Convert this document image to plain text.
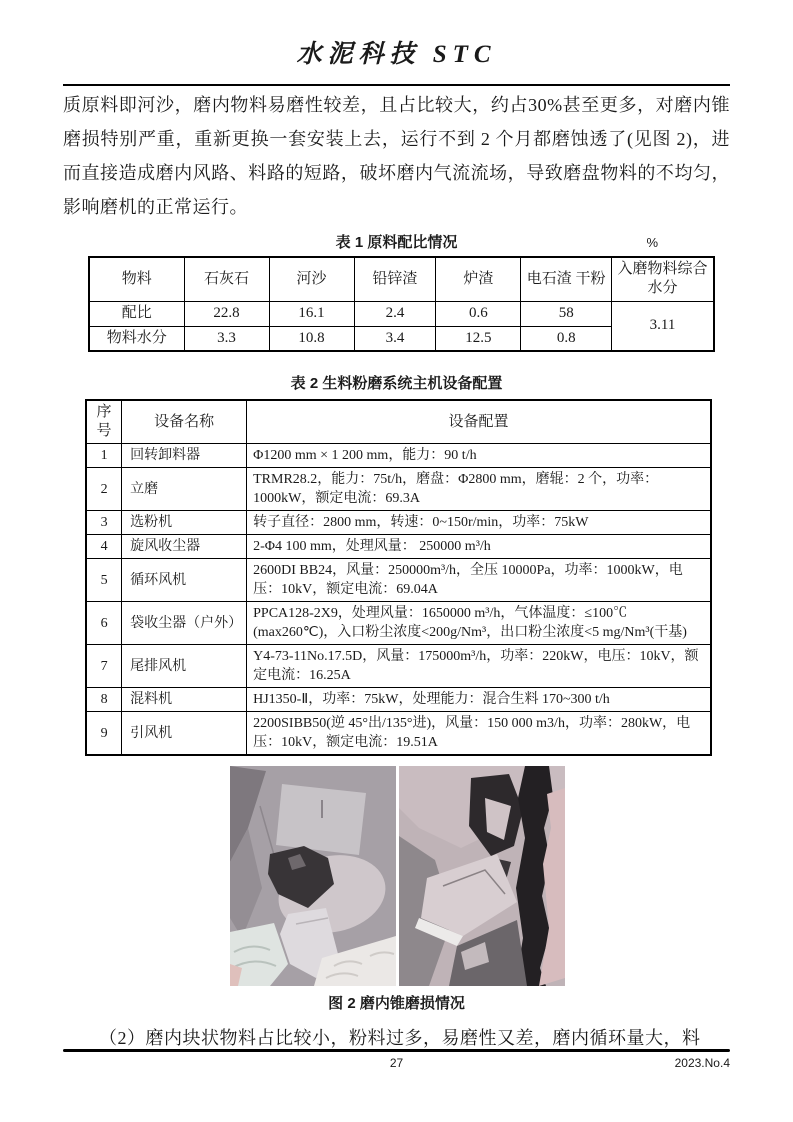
水泥科技 STC

质原料即河沙，磨内物料易磨性较差，且占比较大，约占30%甚至更多，对磨内锥磨损特别严重，重新更换一套安装上去，运行不到 2 个月都磨蚀透了(见图 2)，进而直接造成磨内风路、料路的短路，破坏磨内气流流场，导致磨盘物料的不均匀，影响磨机的正常运行。

表 1 原料配比情况	%
物料	石灰石	河沙	铅锌渣	炉渣	电石渣 干粉	入磨物料综合 水分
配比	22.8	16.1	2.4	0.6	58	3.11
物料水分	3.3	10.8	3.4	12.5	0.8	
表 2 生料粉磨系统主机设备配置
序号	设备名称	设备配置
1	回转卸料器	Φ1200 mm × 1 200 mm，能力：90 t/h
2	立磨	TRMR28.2，能力：75t/h，磨盘：Φ2800 mm，磨辊：2 个，功率：1000kW，额定电流：69.3A
3	选粉机	转子直径：2800 mm，转速：0~150r/min，功率：75kW
4	旋风收尘器	2-Φ4 100 mm，处理风量： 250000 m³/h
5	循环风机	2600DI BB24，风量：250000m³/h，全压 10000Pa，功率：1000kW，电压：10kV，额定电流：69.04A
6	袋收尘器（户外）	PPCA128-2X9，处理风量：1650000 m³/h，气体温度：≤100℃(max260℃)，入口粉尘浓度<200g/Nm³，出口粉尘浓度<5 mg/Nm³(干基)
7	尾排风机	Y4-73-11No.17.5D，风量：175000m³/h，功率：220kW，电压：10kV，额定电流：16.25A
8	混料机	HJ1350-Ⅱ，功率：75kW，处理能力：混合生料 170~300 t/h
9	引风机	2200SIBB50(逆 45°出/135°进)，风量：150 000 m3/h，功率：280kW，电压：10kV，额定电流：19.51A
图 2 磨内锥磨损情况

（2）磨内块状物料占比较小，粉料过多，易磨性又差，磨内循环量大，料

27	2023.No.4
